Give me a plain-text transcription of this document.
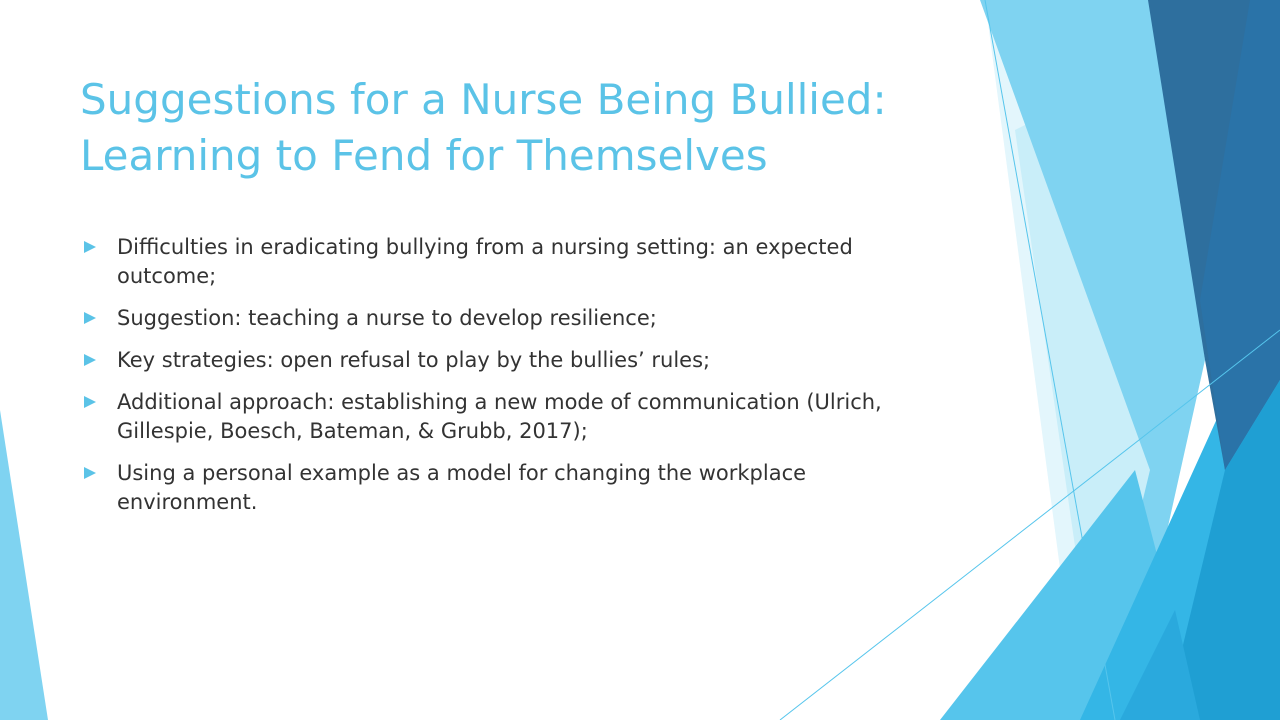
Suggestions for a Nurse Being Bullied: Learning to Fend for Themselves
Difficulties in eradicating bullying from a nursing setting: an expected outcome;
Suggestion: teaching a nurse to develop resilience;
Key strategies: open refusal to play by the bullies’ rules;
Additional approach: establishing a new mode of communication (Ulrich, Gillespie, Boesch, Bateman, & Grubb, 2017);
Using a personal example as a model for changing the workplace environment.
